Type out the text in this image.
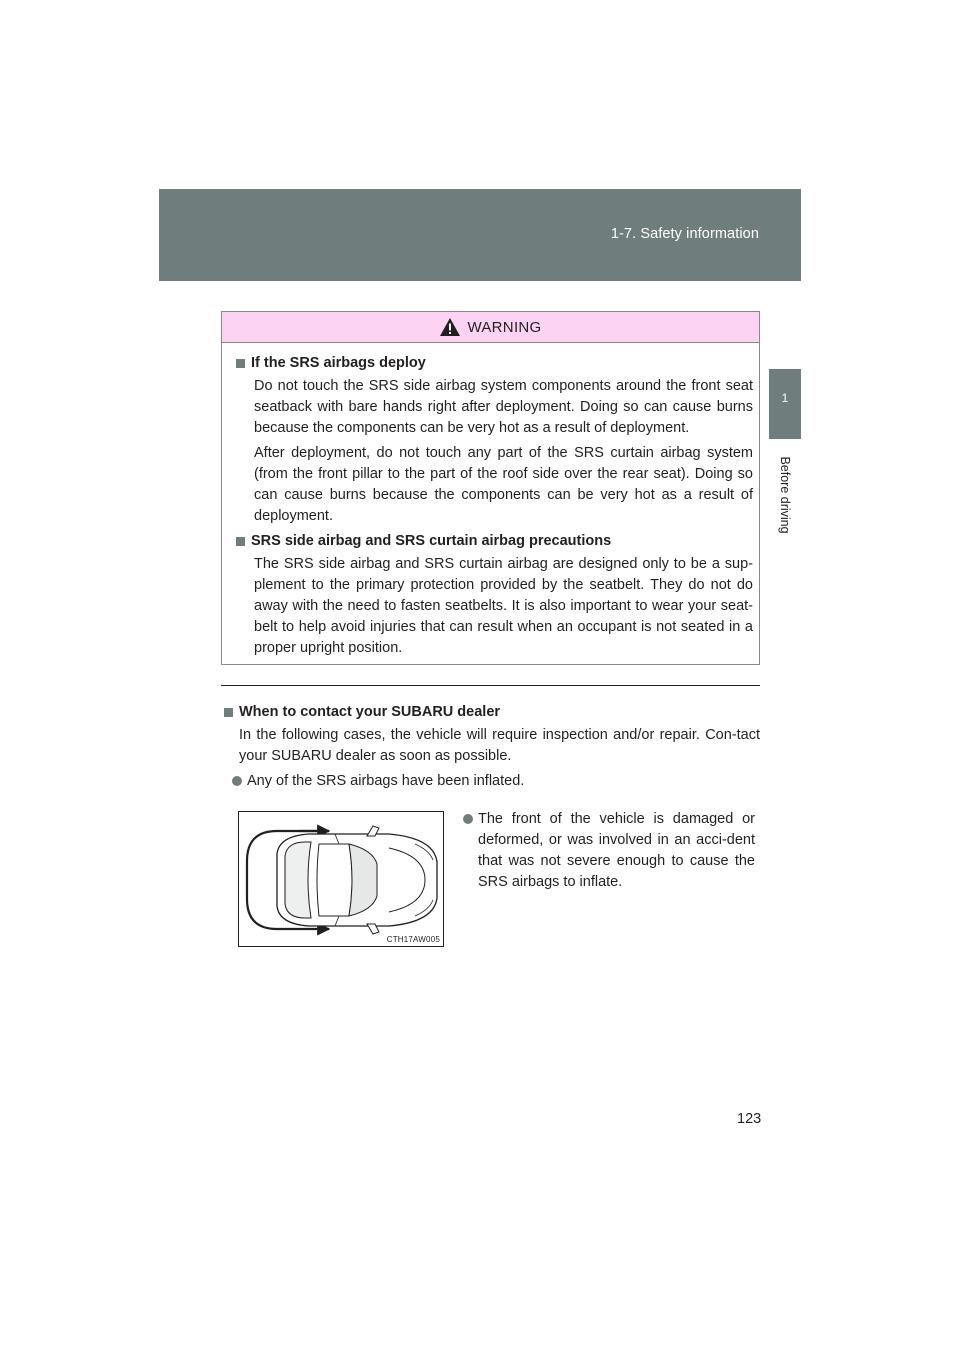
1-7. Safety information
1
Before driving
WARNING
If the SRS airbags deploy

Do not touch the SRS side airbag system components around the front seat seatback with bare hands right after deployment. Doing so can cause burns because the components can be very hot as a result of deployment.

After deployment, do not touch any part of the SRS curtain airbag system (from the front pillar to the part of the roof side over the rear seat). Doing so can cause burns because the components can be very hot as a result of deployment.

SRS side airbag and SRS curtain airbag precautions

The SRS side airbag and SRS curtain airbag are designed only to be a sup-plement to the primary protection provided by the seatbelt. They do not do away with the need to fasten seatbelts. It is also important to wear your seat-belt to help avoid injuries that can result when an occupant is not seated in a proper upright position.

When to contact your SUBARU dealer

In the following cases, the vehicle will require inspection and/or repair. Con-tact your SUBARU dealer as soon as possible.

Any of the SRS airbags have been inflated.
CTH17AW005
The front of the vehicle is damaged or deformed, or was involved in an acci-dent that was not severe enough to cause the SRS airbags to inflate.
123
